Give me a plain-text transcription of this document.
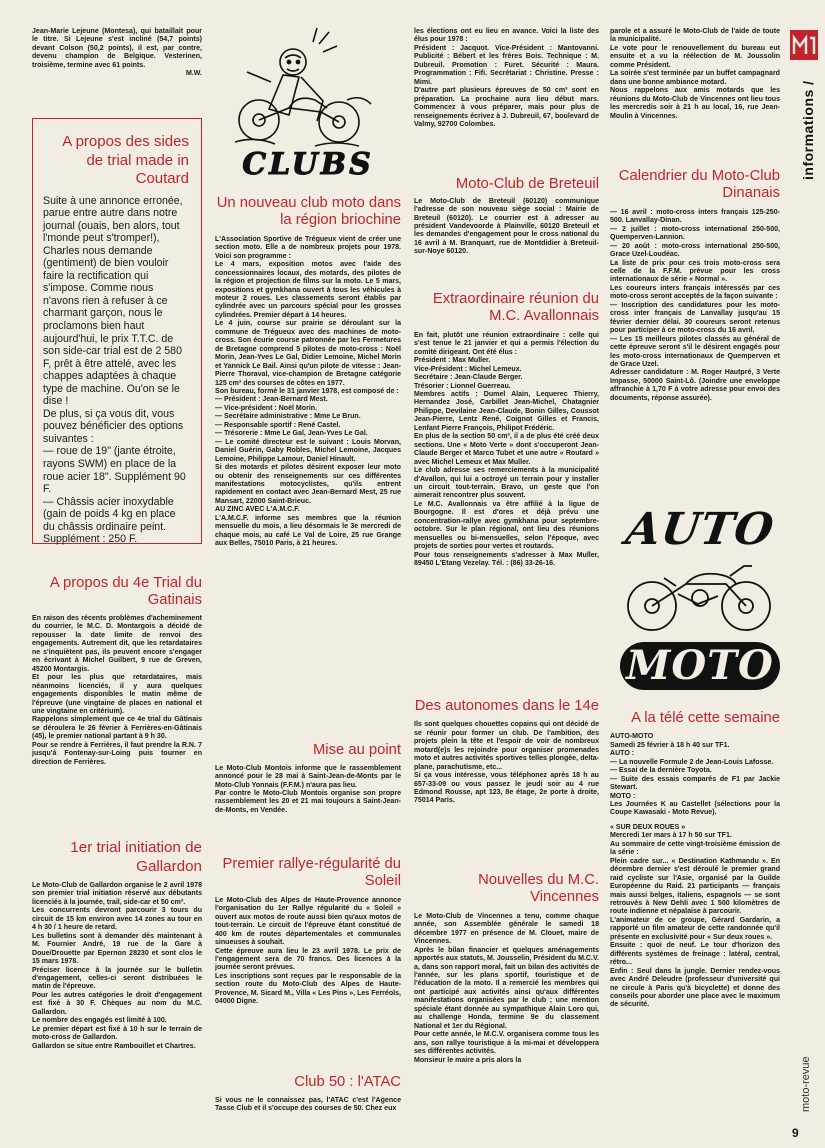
Jean-Marie Lejeune (Montesa), qui bataillait pour le titre. Si Lejeune s'est incliné (54,7 points) devant Colson (50,2 points), il est, par contre, devenu champion de Belgique. Vesterinen, troisième, termine avec 61 points.

M.W.

A propos des sides de trial made in Coutard

Suite à une annonce erronée, parue entre autre dans notre journal (ouais, ben alors, tout l'monde peut s'tromper!), Charles nous demande (gentiment) de bien vouloir faire la rectification qui s'impose. Comme nous n'avons rien à refuser à ce charmant garçon, nous le proclamons bien haut aujourd'hui, le prix T.T.C. de son side-car trial est de 2 580 F, prêt à être attelé, avec les chappes adaptées à chaque type de machine. Ou'on se le dise !

De plus, si ça vous dit, vous pouvez bénéficier des options suivantes :

— roue de 19" (jante étroite, rayons SWM) en place de la roue acier 18". Supplément 90 F.

— Châssis acier inoxydable (gain de poids 4 kg en place du châssis ordinaire peint. Supplément : 250 F.

A propos du 4e Trial du Gatinais

En raison des récents problèmes d'acheminement du courrier, le M.C. D. Montargois a décidé de repousser la date limite de renvoi des engagements. Autrement dit, que les retardataires ne s'inquiètent pas, ils peuvent encore s'engager en écrivant à Michel Guilbert, 9 rue de Greven, 45200 Montargis.

Et pour les plus que retardataires, mais néanmoins licenciés, il y aura quelques engagements disponibles le matin même de l'épreuve (une vingtaine de places en national et une vingtaine en critérium).

Rappelons simplement que ce 4e trial du Gâtinais se déroulera le 26 février à Ferrières-en-Gâtinais (45), le premier national partant à 9 h 30.

Pour se rendre à Ferrières, il faut prendre la R.N. 7 jusqu'à Fontenay-sur-Loing puis tourner en direction de Ferrières.

1er trial initiation de Gallardon

Le Moto-Club de Gallardon organise le 2 avril 1978 son premier trial initiation réservé aux débutants licenciés à la journée, trail, side-car et 50 cm³.

Les concurrents devront parcourir 3 tours du circuit de 15 km environ avec 14 zones au tour en 4 h 30 / 1 heure de retard.

Les bulletins sont à demander dès maintenant à M. Fournier André, 19 rue de la Gare à Doue/Drouette par Epernon 28230 et sont clos le 15 mars 1978.

Préciser licence à la journée sur le bulletin d'engagement, celles-ci seront distribuées le matin de l'épreuve.

Pour les autres catégories le droit d'engagement est fixé à 30 F. Chèques au nom du M.C. Gallardon.

Le nombre des engagés est limité à 100.

Le premier départ est fixé à 10 h sur le terrain de moto-cross de Gallardon.

Gallardon se situe entre Rambouillet et Chartres.

CLUBS
Un nouveau club moto dans la région briochine

L'Association Sportive de Trégueux vient de créer une section moto. Elle a de nombreux projets pour 1978. Voici son programme :

Le 4 mars, exposition motos avec l'aide des concessionnaires locaux, des motards, des pilotes de la région et projection de films sur la moto. Le 5 mars, expositions et gymkhana ouvert à tous les véhicules à moteur 2 roues. Les classements seront établis par cylindrée avec un parcours spécial pour les grosses cylindrées. Premier départ à 14 heures.

Le 4 juin, course sur prairie se déroulant sur la commune de Trégueux avec des machines de moto-cross. Son écurie course patronnée par les Fermetures de Bretagne comprend 5 pilotes de moto-cross : Noël Morin, Jean-Yves Le Gal, Didier Lemoine, Michel Morin et Yannick Le Bail. Ainsi qu'un pilote de vitesse : Jean-Pierre Thoraval, vice-champion de Bretagne catégorie 125 cm³ des courses de côtes en 1977.

Son bureau, formé le 31 janvier 1978, est composé de :

— Président : Jean-Bernard Mest.

— Vice-président : Noël Morin.

— Secrétaire administrative : Mme Le Brun.

— Responsable sportif : René Castel.

— Trésorerie : Mme Le Gal, Jean-Yves Le Gal.

— Le comité directeur est le suivant : Louis Morvan, Daniel Guérin, Gaby Robles, Michel Lemoine, Jacques Lemoine, Philippe Lamour, Daniel Hinault.

Si des motards et pilotes désirent exposer leur moto ou obtenir des renseignements sur ces différentes manifestations motocyclistes, qu'ils entrent rapidement en contact avec Jean-Bernard Mest, 25 rue Mansart, 22000 Saint-Brieuc.

AU ZINC AVEC L'A.M.C.F.

L'A.M.C.F. informe ses membres que la réunion mensuelle du mois, a lieu désormais le 3e mercredi de chaque mois, au café Le Val de Loire, 25 rue Grange aux Belles, 75010 Paris, à 21 heures.

Mise au point

Le Moto-Club Montois informe que le rassemblement annoncé pour le 28 mai à Saint-Jean-de-Monts par le Moto-Club Yonnais (F.F.M.) n'aura pas lieu.

Par contre le Moto-Club Montois organise son propre rassemblement les 20 et 21 mai toujours à Saint-Jean-de-Monts, en Vendée.

Premier rallye-régularité du Soleil

Le Moto-Club des Alpes de Haute-Provence annonce l'organisation du 1er Rallye régularité du « Soleil » ouvert aux motos de route aussi bien qu'aux motos de tout-terrain. Le circuit de l'épreuve étant constitué de 400 km de routes départementales et communales sinueuses à souhait.

Cette épreuve aura lieu le 23 avril 1978. Le prix de l'engagement sera de 70 francs. Des licences à la journée seront prévues.

Les inscriptions sont reçues par le responsable de la section route du Moto-Club des Alpes de Haute-Provence, M. Sicard M., Villa « Les Pins », Les Ferréols, 04000 Digne.

Club 50 : l'ATAC

Si vous ne le connaissez pas, l'ATAC c'est l'Agence Tasse Club et il s'occupe des courses de 50. Chez eux

les élections ont eu lieu en avance. Voici la liste des élus pour 1978 :

Président : Jacquot. Vice-Président : Mantovanni. Publicité : Bébert et les frères Bois. Technique : M. Dubreuil. Promotion : Furet. Sécurité : Maura. Programmation : Fifi. Secrétariat : Christine. Presse : Mimi.

D'autre part plusieurs épreuves de 50 cm³ sont en préparation. La prochaine aura lieu début mars. Commencez à vous préparer, mais pour plus de renseignements écrivez à J. Dubreuil, 67, boulevard de Valmy, 92700 Colombes.

Moto-Club de Breteuil

Le Moto-Club de Breteuil (60120) communique l'adresse de son nouveau siège social : Mairie de Breteuil (60120). Le courrier est à adresser au président Vandevoorde à Plainville, 60120 Breteuil et les demandes d'engagement pour le cross national du 16 avril à M. Branquart, rue de Montdidier à Breteuil-sur-Noye 60120.

Extraordinaire réunion du M.C. Avallonnais

En fait, plutôt une réunion extraordinaire : celle qui s'est tenue le 21 janvier et qui a permis l'élection du comité dirigeant. Ont été élus :

Président : Max Muller.

Vice-Président : Michel Lemeux.

Secrétaire : Jean-Claude Berger.

Trésorier : Lionnel Guerreau.

Membres actifs : Dumel Alain, Lequerec Thierry, Hernandez José, Carbillet Jean-Michel, Chatagnier Philippe, Devilaine Jean-Claude, Bonin Gilles, Coussot Jean-Pierre, Lentz René, Coignot Gilles et Francis, Lenfant Pierre François, Philipot Frédéric.

En plus de la section 50 cm³, il a de plus été créé deux sections. Une « Moto Verte » dont s'occuperont Jean-Claude Berger et Marco Tubet et une autre « Routard » avec Michel Lemeux et Max Muller.

Le club adresse ses remerciements à la municipalité d'Avallon, qui lui a octroyé un terrain pour y installer un circuit tout-terrain. Bravo, un geste que l'on aimerait rencontrer plus souvent.

Le M.C. Avallonnais va être affilié à la ligue de Bourgogne. Il est d'ores et déjà prévu une concentration-rallye avec gymkhana pour septembre-octobre. Sur le plan régional, ont lieu des réunions mensuelles ou bi-mensuelles, selon l'époque, avec projets de sorties pour vertes et routards.

Pour tous renseignements s'adresser à Max Muller, 89450 L'Etang Vezelay. Tél. : (86) 33-26-16.

Des autonomes dans le 14e

Ils sont quelques chouettes copains qui ont décidé de se réunir pour former un club. De l'ambition, des projets plein la tête et l'espoir de voir de nombreux motard(e)s les rejoindre pour organiser promenades moto et autres activités sportives telles plongée, delta-plane, parachutisme, etc...

Si ça vous intéresse, vous téléphonez après 18 h au 657-33-09 ou vous passez le jeudi soir au 4 rue Edmond Rousse, apt 123, 8e étage, 2e porte à droite, 75014 Paris.

Nouvelles du M.C. Vincennes

Le Moto-Club de Vincennes a tenu, comme chaque année, son Assemblée générale le samedi 18 décembre 1977 en présence de M. Clouet, maire de Vincennes.

Après le bilan financier et quelques aménagements apportés aux statuts, M. Jousselin, Président du M.C.V. a, dans son rapport moral, fait un bilan des activités de l'année, sur les plans sportif, touristique et de l'éducation de la moto. Il a remercié les membres qui ont participé aux activités ainsi qu'aux différentes manifestations organisées par le club ; une mention spéciale étant donnée au sympathique Alain Loro qui, au challenge Honda, termine 9e du classement National et 1er du Régional.

Pour cette année, le M.C.V. organisera comme tous les ans, son rallye touristique à la mi-mai et développera ses différentes activités.

Monsieur le maire a pris alors la

parole et a assuré le Moto-Club de l'aide de toute la municipalité.

Le vote pour le renouvellement du bureau eut ensuite et a vu la réélection de M. Joussolin comme Président.

La soirée s'est terminée par un buffet campagnard dans une bonne ambiance motard.

Nous rappelons aux amis motards que les réunions du Moto-Club de Vincennes ont lieu tous les mercredis soir à 21 h au local, 16, rue Jean-Moulin à Vincennes.

Calendrier du Moto-Club Dinanais

— 16 avril : moto-cross inters français 125-250-500. Lanvallay-Dinan.

— 2 juillet : moto-cross international 250-500, Quemperven-Lannion.

— 20 août : moto-cross international 250-500, Grace Uzel-Loudéac.

La liste de prix pour ces trois moto-cross sera celle de la F.F.M. prévue pour les cross internationaux de série « Normal ».

Les coureurs inters français intéressés par ces moto-cross seront acceptés de la façon suivante :

— Inscription des candidatures pour les moto-cross inter français de Lanvallay jusqu'au 15 février dernier délai. 30 coureurs seront retenus pour participer à ce moto-cross du 16 avril.

— Les 15 meilleurs pilotes classés au général de cette épreuve seront s'il le désirent engagés pour les moto-cross internationaux de Quemperven et de Grace Uzel.

Adresser candidature : M. Roger Hautpré, 3 Verte Impasse, 50000 Saint-Lô. (Joindre une enveloppe affranchie à 1,70 F à votre adresse pour envoi des documents, réponse assurée).

AUTO
MOTO
A la télé cette semaine

AUTO-MOTO

Samedi 25 février à 18 h 40 sur TF1.

AUTO :

— La nouvelle Formule 2 de Jean-Louis Lafosse.

— Essai de la dernière Toyota.

— Suite des essais comparés de F1 par Jackie Stewart.

MOTO :

Les Journées K au Castellet (sélections pour la Coupe Kawasaki - Moto Revue).

« SUR DEUX ROUES »

Mercredi 1er mars à 17 h 50 sur TF1.

Au sommaire de cette vingt-troisième émission de la série :

Plein cadre sur... « Destination Kathmandu ». En décembre dernier s'est déroulé le premier grand raid cycliste sur l'Asie, organisé par la Guilde Européenne du Raid. 21 participants — français mais aussi belges, italiens, espagnols — se sont retrouvés à New Dehli avec 1 500 kilomètres de route indienne et népalaise à parcourir.

L'animateur de ce groupe, Gérard Gardarin, a rapporté un film amateur de cette randonnée qu'il présente en exclusivité pour « Sur deux roues ».

Ensuite : quoi de neuf. Le tour d'horizon des différents systèmes de freinage : latéral, central, rétro...

Enfin : Seul dans la jungle. Dernier rendez-vous avec André Deleudre (professeur d'université qui ne circule à Paris qu'à bicyclette) et donne des conseils pour aborder une place avec le maximum de sécurité.

informations /
moto-revue
9
